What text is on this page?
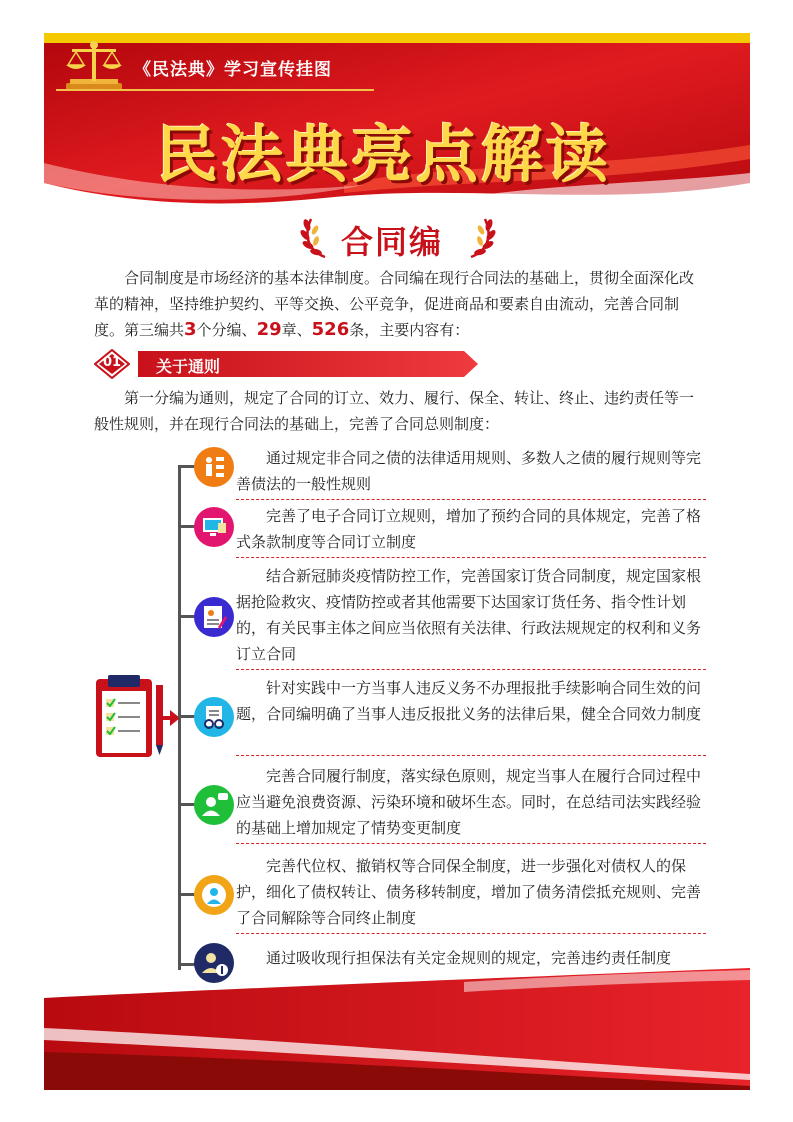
《民法典》学习宣传挂图
民法典亮点解读
合同编

合同制度是市场经济的基本法律制度。合同编在现行合同法的基础上，贯彻全面深化改革的精神，坚持维护契约、平等交换、公平竞争，促进商品和要素自由流动，完善合同制度。第三编共3个分编、29章、526条，主要内容有：

01	关于通则

第一分编为通则，规定了合同的订立、效力、履行、保全、转让、终止、违约责任等一般性规则，并在现行合同法的基础上，完善了合同总则制度：

通过规定非合同之债的法律适用规则、多数人之债的履行规则等完善债法的一般性规则

完善了电子合同订立规则，增加了预约合同的具体规定，完善了格式条款制度等合同订立制度

结合新冠肺炎疫情防控工作，完善国家订货合同制度，规定国家根据抢险救灾、疫情防控或者其他需要下达国家订货任务、指令性计划的，有关民事主体之间应当依照有关法律、行政法规规定的权利和义务订立合同

针对实践中一方当事人违反义务不办理报批手续影响合同生效的问题，合同编明确了当事人违反报批义务的法律后果，健全合同效力制度

完善合同履行制度，落实绿色原则，规定当事人在履行合同过程中应当避免浪费资源、污染环境和破坏生态。同时，在总结司法实践经验的基础上增加规定了情势变更制度

完善代位权、撤销权等合同保全制度，进一步强化对债权人的保护，细化了债权转让、债务移转制度，增加了债务清偿抵充规则、完善了合同解除等合同终止制度

通过吸收现行担保法有关定金规则的规定，完善违约责任制度
